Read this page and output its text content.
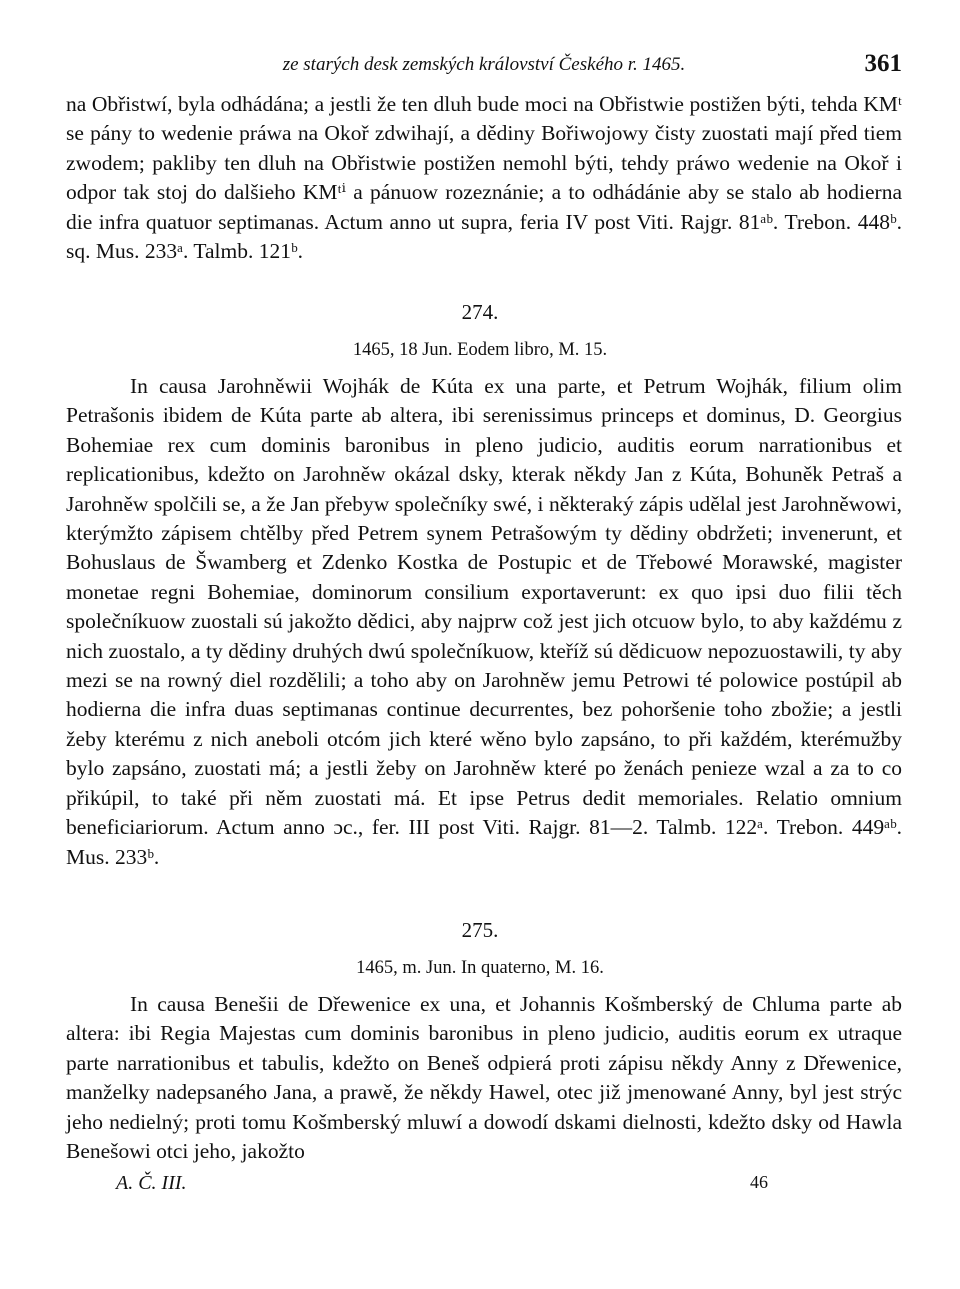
ze starých desk zemských království Českého r. 1465.	361

na Obřistwí, byla odhádána; a jestli že ten dluh bude moci na Obřistwie postižen býti, tehda KMᵗ se pány to wedenie práwa na Okoř zdwihají, a dědiny Bořiwojowy čisty zuostati mají před tiem zwodem; pakliby ten dluh na Obřistwie postižen nemohl býti, tehdy práwo wedenie na Okoř i odpor tak stoj do dalšieho KMᵗⁱ a pánuow rozeznánie; a to odhádánie aby se stalo ab hodierna die infra quatuor septimanas. Actum anno ut supra, feria IV post Viti. Rajgr. 81ᵃᵇ. Trebon. 448ᵇ. sq. Mus. 233ᵃ. Talmb. 121ᵇ.

274.
1465, 18 Jun. Eodem libro, M. 15.

In causa Jarohněwii Wojhák de Kúta ex una parte, et Petrum Wojhák, filium olim Petrašonis ibidem de Kúta parte ab altera, ibi serenissimus princeps et dominus, D. Georgius Bohemiae rex cum dominis baronibus in pleno judicio, auditis eorum narrationibus et replicationibus, kdežto on Jarohněw okázal dsky, kterak někdy Jan z Kúta, Bohuněk Petraš a Jarohněw spolčili se, a že Jan přebyw společníky swé, i některaký zápis udělal jest Jarohněwowi, kterýmžto zápisem chtělby před Petrem synem Petrašowým ty dědiny obdržeti; invenerunt, et Bohuslaus de Šwamberg et Zdenko Kostka de Postupic et de Třebowé Morawské, magister monetae regni Bohemiae, dominorum consilium exportaverunt: ex quo ipsi duo filii těch společníkuow zuostali sú jakožto dědici, aby najprw což jest jich otcuow bylo, to aby každému z nich zuostalo, a ty dědiny druhých dwú společníkuow, kteříž sú dědicuow nepozuostawili, ty aby mezi se na rowný diel rozdělili; a toho aby on Jarohněw jemu Petrowi té polowice postúpil ab hodierna die infra duas septimanas continue decurrentes, bez pohoršenie toho zbožie; a jestli žeby kterému z nich aneboli otcóm jich které wěno bylo zapsáno, to při každém, kterémužby bylo zapsáno, zuostati má; a jestli žeby on Jarohněw které po ženách penieze wzal a za to co přikúpil, to také při něm zuostati má. Et ipse Petrus dedit memoriales. Relatio omnium beneficiariorum. Actum anno ɔc., fer. III post Viti. Rajgr. 81—2. Talmb. 122ᵃ. Trebon. 449ᵃᵇ. Mus. 233ᵇ.

275.
1465, m. Jun. In quaterno, M. 16.

In causa Benešii de Dřewenice ex una, et Johannis Košmberský de Chluma parte ab altera: ibi Regia Majestas cum dominis baronibus in pleno judicio, auditis eorum ex utraque parte narrationibus et tabulis, kdežto on Beneš odpierá proti zápisu někdy Anny z Dřewenice, manželky nadepsaného Jana, a prawě, že někdy Hawel, otec již jmenowané Anny, byl jest strýc jeho nedielný; proti tomu Košmberský mluwí a dowodí dskami dielnosti, kdežto dsky od Hawla Benešowi otci jeho, jakožto

A. Č. III.	46
